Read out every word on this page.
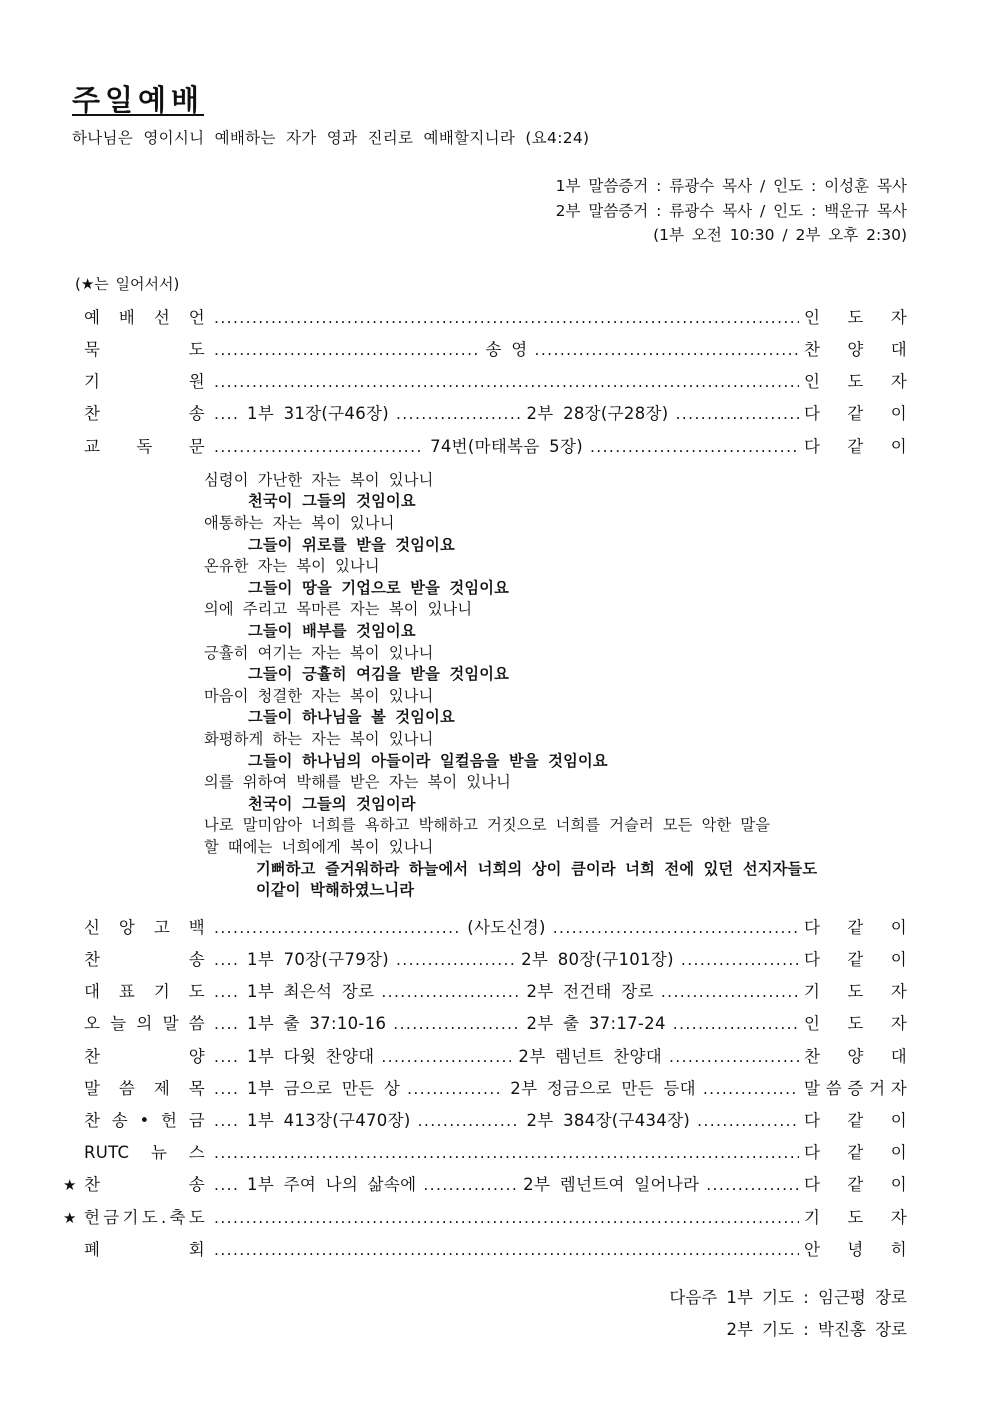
주일예배

하나님은 영이시니 예배하는 자가 영과 진리로 예배할지니라 (요4:24)

1부 말씀증거 : 류광수 목사 / 인도 : 이성훈 목사

2부 말씀증거 : 류광수 목사 / 인도 : 백운규 목사

(1부 오전 10:30 / 2부 오후 2:30)

(★는 일어서서)

예 배 선 언 .....	인 도 자
묵	도 .....	송 영 .....	찬 양 대
기	원 .....	인 도 자
찬	송 .....	1부 31장(구46장) .....	2부 28장(구28장) .....	다 같 이
교 독 문 .....	74번(마태복음 5장) .....	다 같 이

심령이 가난한 자는 복이 있나니

천국이 그들의 것임이요

애통하는 자는 복이 있나니

그들이 위로를 받을 것임이요

온유한 자는 복이 있나니

그들이 땅을 기업으로 받을 것임이요

의에 주리고 목마른 자는 복이 있나니

그들이 배부를 것임이요

긍휼히 여기는 자는 복이 있나니

그들이 긍휼히 여김을 받을 것임이요

마음이 청결한 자는 복이 있나니

그들이 하나님을 볼 것임이요

화평하게 하는 자는 복이 있나니

그들이 하나님의 아들이라 일컬음을 받을 것임이요

의를 위하여 박해를 받은 자는 복이 있나니

천국이 그들의 것임이라

나로 말미암아 너희를 욕하고 박해하고 거짓으로 너희를 거슬러 모든 악한 말을

할 때에는 너희에게 복이 있나니

기뻐하고 즐거워하라 하늘에서 너희의 상이 큼이라 너희 전에 있던 선지자들도

이같이 박해하였느니라

신 앙 고 백 .....	(사도신경) .....	다 같 이
찬	송 .....	1부 70장(구79장) .....	2부 80장(구101장) .....	다 같 이
대 표 기 도 .....	1부 최은석 장로 .....	2부 전건태 장로 .....	기 도 자
오 늘 의 말 씀 .....	1부 출 37:10-16 .....	2부 출 37:17-24 .....	인 도 자
찬	양 .....	1부 다윗 찬양대 .....	2부 렘넌트 찬양대 .....	찬 양 대
말 씀 제 목 .....	1부 금으로 만든 상 .....	2부 정금으로 만든 등대 .....	말 씀 증 거 자
찬 송 • 헌 금 .....	1부 413장(구470장) .....	2부 384장(구434장) .....	다 같 이
RUTC 뉴 스 .....	다 같 이
★ 찬	송 .....	1부 주여 나의 삶속에 .....	2부 렘넌트여 일어나라 .....	다 같 이
★ 헌 금 기 도 . 축 도 .....	기 도 자
폐	회 .....	안 녕 히

다음주 1부 기도 : 임근평 장로

2부 기도 : 박진홍 장로
